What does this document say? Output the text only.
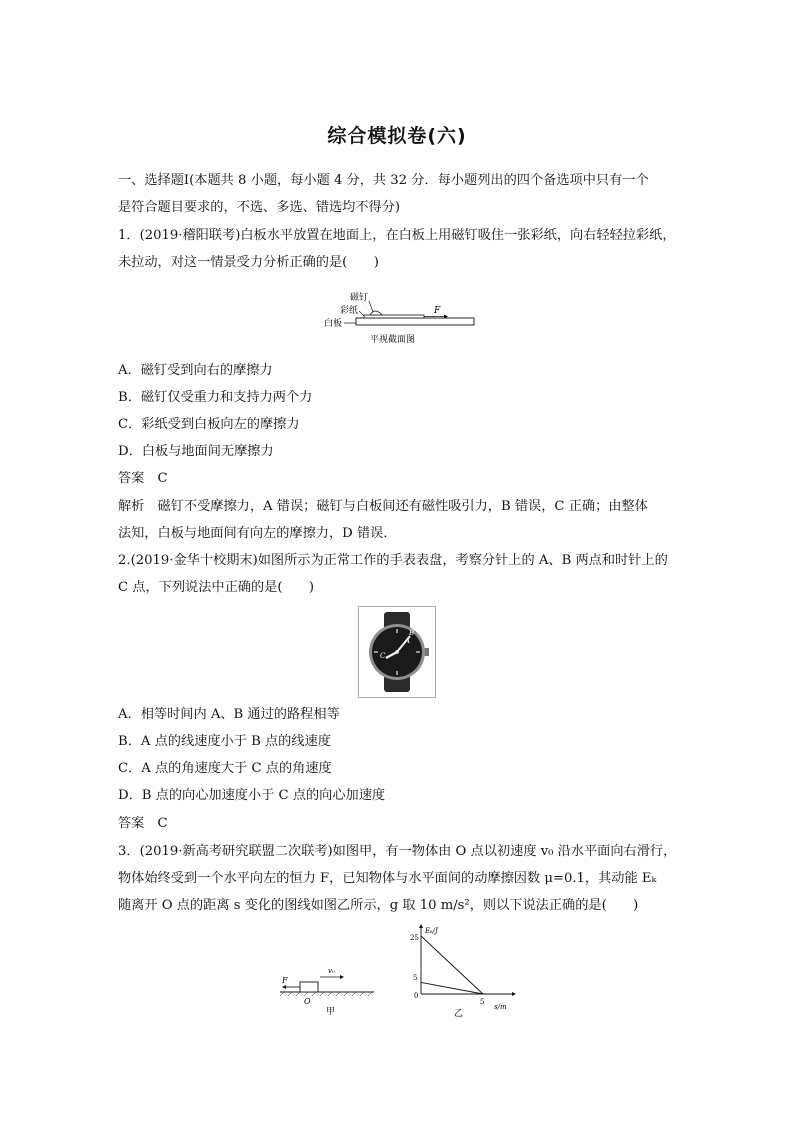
综合模拟卷(六)
一、选择题Ⅰ(本题共 8 小题，每小题 4 分，共 32 分．每小题列出的四个备选项中只有一个
是符合题目要求的，不选、多选、错选均不得分)
1．(2019·稽阳联考)白板水平放置在地面上，在白板上用磁钉吸住一张彩纸，向右轻轻拉彩纸，
未拉动，对这一情景受力分析正确的是(　　)
磁钉
彩纸
白板
F
平视截面图
A．磁钉受到向右的摩擦力
B．磁钉仅受重力和支持力两个力
C．彩纸受到白板向左的摩擦力
D．白板与地面间无摩擦力
答案　C
解析　磁钉不受摩擦力，A 错误；磁钉与白板间还有磁性吸引力，B 错误，C 正确；由整体
法知，白板与地面间有向左的摩擦力，D 错误．
2.(2019·金华十校期末)如图所示为正常工作的手表表盘，考察分针上的 A、B 两点和时针上的
C 点，下列说法中正确的是(　　)
A
B
C
A．相等时间内 A、B 通过的路程相等
B．A 点的线速度小于 B 点的线速度
C．A 点的角速度大于 C 点的角速度
D．B 点的向心加速度小于 C 点的向心加速度
答案　C
3．(2019·新高考研究联盟二次联考)如图甲，有一物体由 O 点以初速度 v₀ 沿水平面向右滑行，
物体始终受到一个水平向左的恒力 F，已知物体与水平面间的动摩擦因数 μ=0.1，其动能 Eₖ
随离开 O 点的距离 s 变化的图线如图乙所示，g 取 10 m/s²，则以下说法正确的是(　　)
F
v₀
O
甲
Eₖ/J
s/m
25
5
0
5
乙
